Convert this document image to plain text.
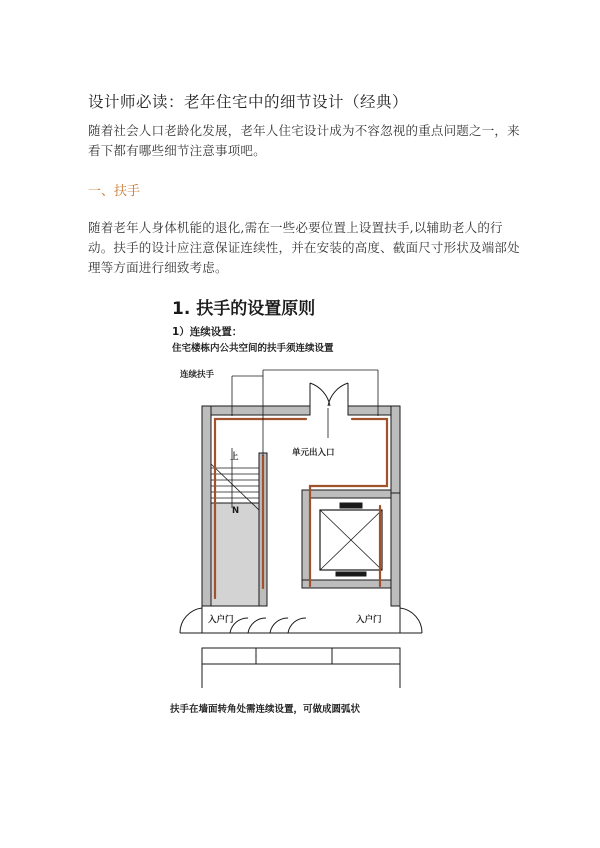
设计师必读：老年住宅中的细节设计（经典）
随着社会人口老龄化发展，老年人住宅设计成为不容忽视的重点问题之一，来看下都有哪些细节注意事项吧。
一、扶手
随着老年人身体机能的退化,需在一些必要位置上设置扶手,以辅助老人的行动。扶手的设计应注意保证连续性，并在安装的高度、截面尺寸形状及端部处理等方面进行细致考虑。
1. 扶手的设置原则
1）连续设置：
住宅楼栋内公共空间的扶手须连续设置
连续扶手
上
N
单元出入口
入户门	入户门
扶手在墙面转角处需连续设置，可做成圆弧状
